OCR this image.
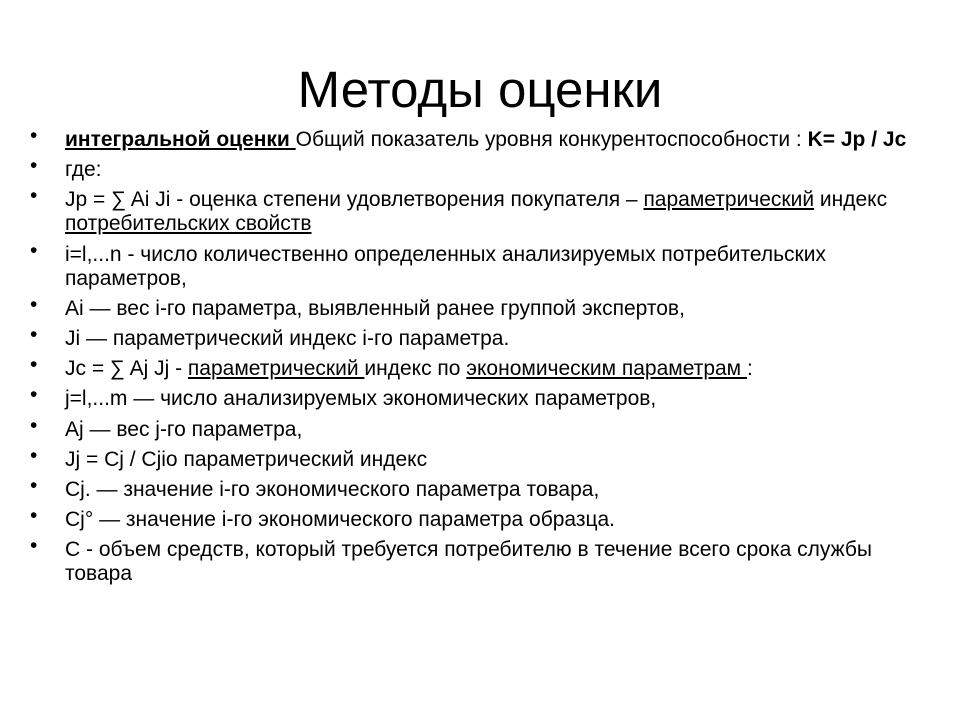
Методы оценки
• интегральной оценки Общий показатель уровня конкурентоспособности : K= Jp / Jc
• где:
• Jp = ∑ Ai Ji - оценка степени удовлетворения покупателя – параметрический индекс потребительских свойств
• i=l,...n - число количественно определенных анализируемых потребительских параметров,
• Ai — вес i-го параметра, выявленный ранее группой экспертов,
• Ji — параметрический индекс i-го параметра.
• Jc = ∑ Aj Jj - параметрический индекс по экономическим параметрам :
• j=l,...m — число анализируемых экономических параметров,
• Aj — вес j-го параметра,
• Jj = Cj / Cjio параметрический индекс
• Cj. — значение i-го экономического параметра товара,
• Cj° — значение i-го экономического параметра образца.
• C - объем средств, который требуется потребителю в течение всего срока службы товара
